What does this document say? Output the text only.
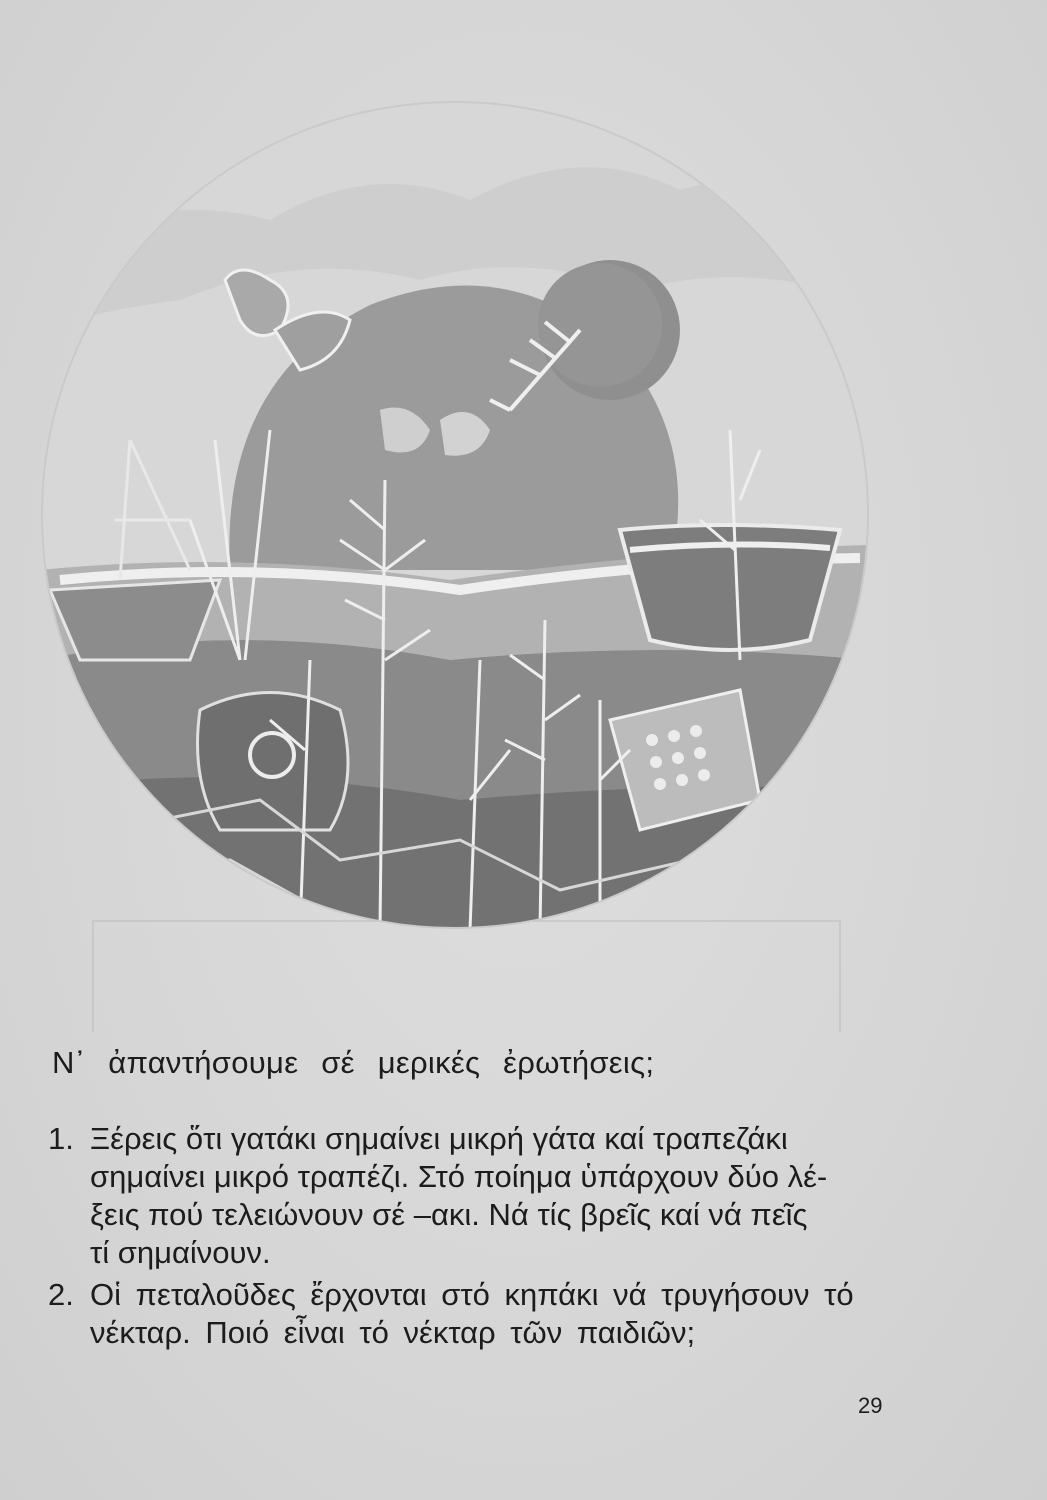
Ν᾿ ἀπαντήσουμε σέ μερικές ἐρωτήσεις;
1. Ξέρεις ὅτι γατάκι σημαίνει μικρή γάτα καί τραπεζάκι
σημαίνει μικρό τραπέζι. Στό ποίημα ὑπάρχουν δύο λέ-
ξεις πού τελειώνουν σέ –ακι. Νά τίς βρεῖς καί νά πεῖς
τί σημαίνουν.
2. Οἱ πεταλοῦδες ἔρχονται στό κηπάκι νά τρυγήσουν τό
νέκταρ. Ποιό εἶναι τό νέκταρ τῶν παιδιῶν;
29
